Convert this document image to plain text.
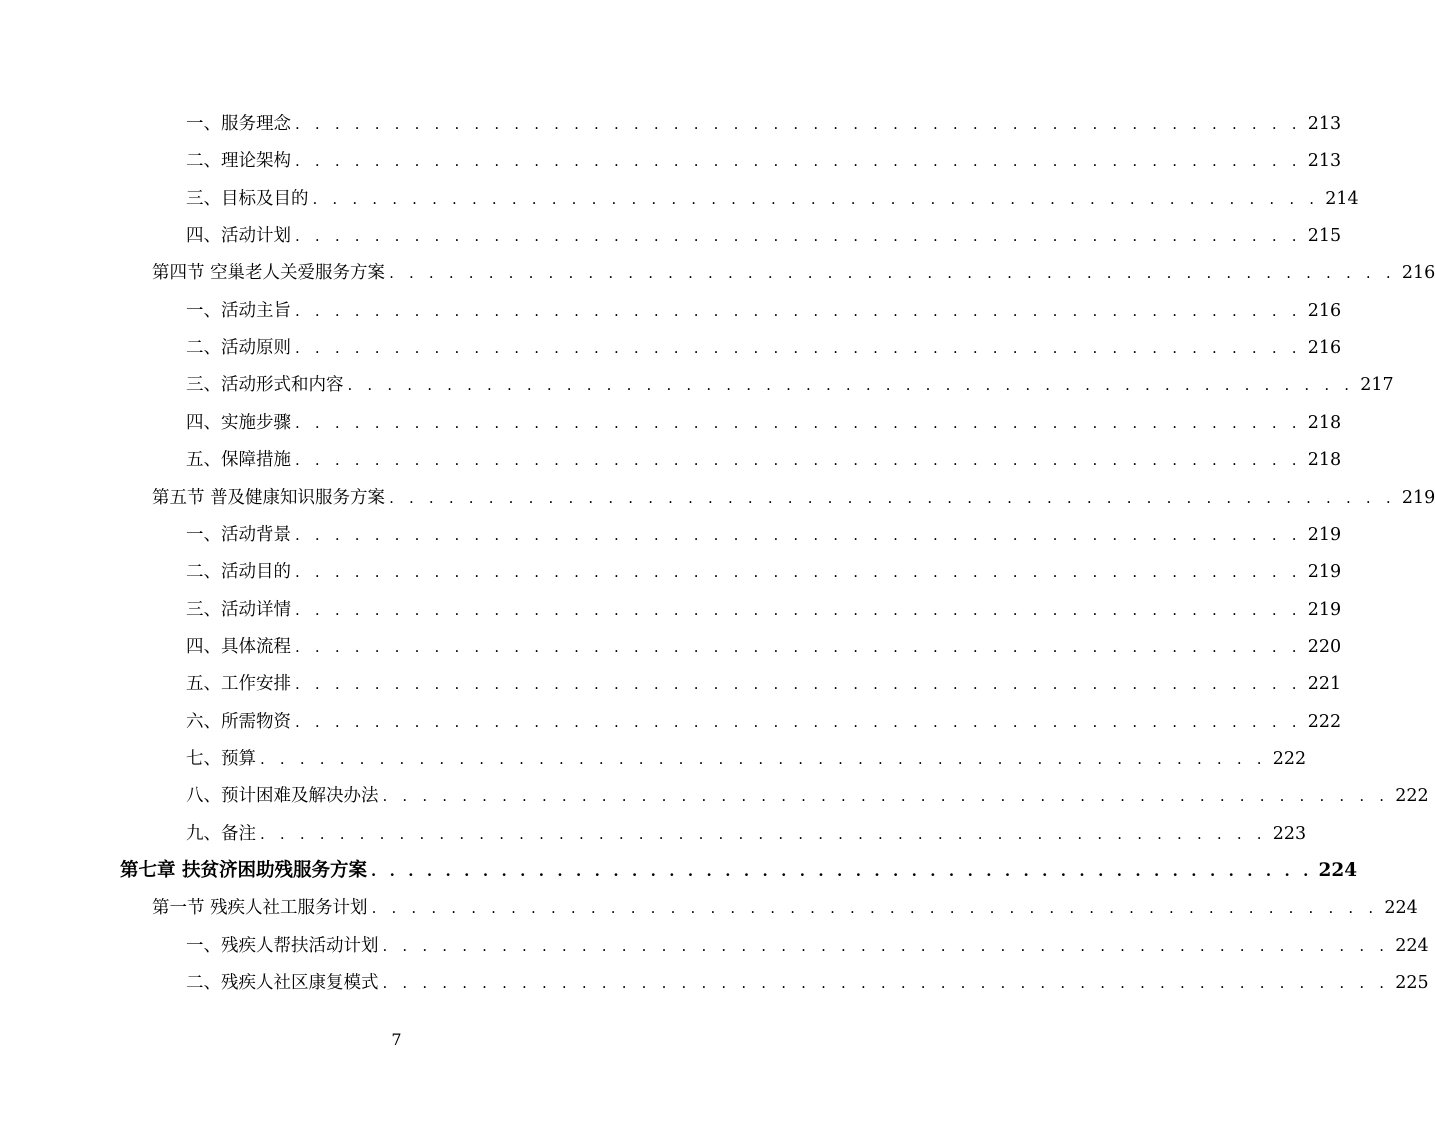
一、服务理念 . . . . . . . . . . . . . . . . . . . . . . . . . . . . . . . . . . . . . . . . . . . . . . . . . . . 213
二、理论架构 . . . . . . . . . . . . . . . . . . . . . . . . . . . . . . . . . . . . . . . . . . . . . . . . . . . 213
三、目标及目的 . . . . . . . . . . . . . . . . . . . . . . . . . . . . . . . . . . . . . . . . . . . . . . . . . . . 214
四、活动计划 . . . . . . . . . . . . . . . . . . . . . . . . . . . . . . . . . . . . . . . . . . . . . . . . . . . 215
第四节 空巢老人关爱服务方案 . . . . . . . . . . . . . . . . . . . . . . . . . . . . . . . . . . . . . . . . . . . . . . . . . . . 216
一、活动主旨 . . . . . . . . . . . . . . . . . . . . . . . . . . . . . . . . . . . . . . . . . . . . . . . . . . . 216
二、活动原则 . . . . . . . . . . . . . . . . . . . . . . . . . . . . . . . . . . . . . . . . . . . . . . . . . . . 216
三、活动形式和内容 . . . . . . . . . . . . . . . . . . . . . . . . . . . . . . . . . . . . . . . . . . . . . . . . . . . 217
四、实施步骤 . . . . . . . . . . . . . . . . . . . . . . . . . . . . . . . . . . . . . . . . . . . . . . . . . . . 218
五、保障措施 . . . . . . . . . . . . . . . . . . . . . . . . . . . . . . . . . . . . . . . . . . . . . . . . . . . 218
第五节 普及健康知识服务方案 . . . . . . . . . . . . . . . . . . . . . . . . . . . . . . . . . . . . . . . . . . . . . . . . . . . 219
一、活动背景 . . . . . . . . . . . . . . . . . . . . . . . . . . . . . . . . . . . . . . . . . . . . . . . . . . . 219
二、活动目的 . . . . . . . . . . . . . . . . . . . . . . . . . . . . . . . . . . . . . . . . . . . . . . . . . . . 219
三、活动详情 . . . . . . . . . . . . . . . . . . . . . . . . . . . . . . . . . . . . . . . . . . . . . . . . . . . 219
四、具体流程 . . . . . . . . . . . . . . . . . . . . . . . . . . . . . . . . . . . . . . . . . . . . . . . . . . . 220
五、工作安排 . . . . . . . . . . . . . . . . . . . . . . . . . . . . . . . . . . . . . . . . . . . . . . . . . . . 221
六、所需物资 . . . . . . . . . . . . . . . . . . . . . . . . . . . . . . . . . . . . . . . . . . . . . . . . . . . 222
七、预算 . . . . . . . . . . . . . . . . . . . . . . . . . . . . . . . . . . . . . . . . . . . . . . . . . . . 222
八、预计困难及解决办法 . . . . . . . . . . . . . . . . . . . . . . . . . . . . . . . . . . . . . . . . . . . . . . . . . . . 222
九、备注 . . . . . . . . . . . . . . . . . . . . . . . . . . . . . . . . . . . . . . . . . . . . . . . . . . . 223
第七章 扶贫济困助残服务方案 . . . . . . . . . . . . . . . . . . . . . . . . . . . . . . . . . . . . . . . . . . . . . . . . . . . 224
第一节 残疾人社工服务计划 . . . . . . . . . . . . . . . . . . . . . . . . . . . . . . . . . . . . . . . . . . . . . . . . . . . 224
一、残疾人帮扶活动计划 . . . . . . . . . . . . . . . . . . . . . . . . . . . . . . . . . . . . . . . . . . . . . . . . . . . 224
二、残疾人社区康复模式 . . . . . . . . . . . . . . . . . . . . . . . . . . . . . . . . . . . . . . . . . . . . . . . . . . . 225
7
